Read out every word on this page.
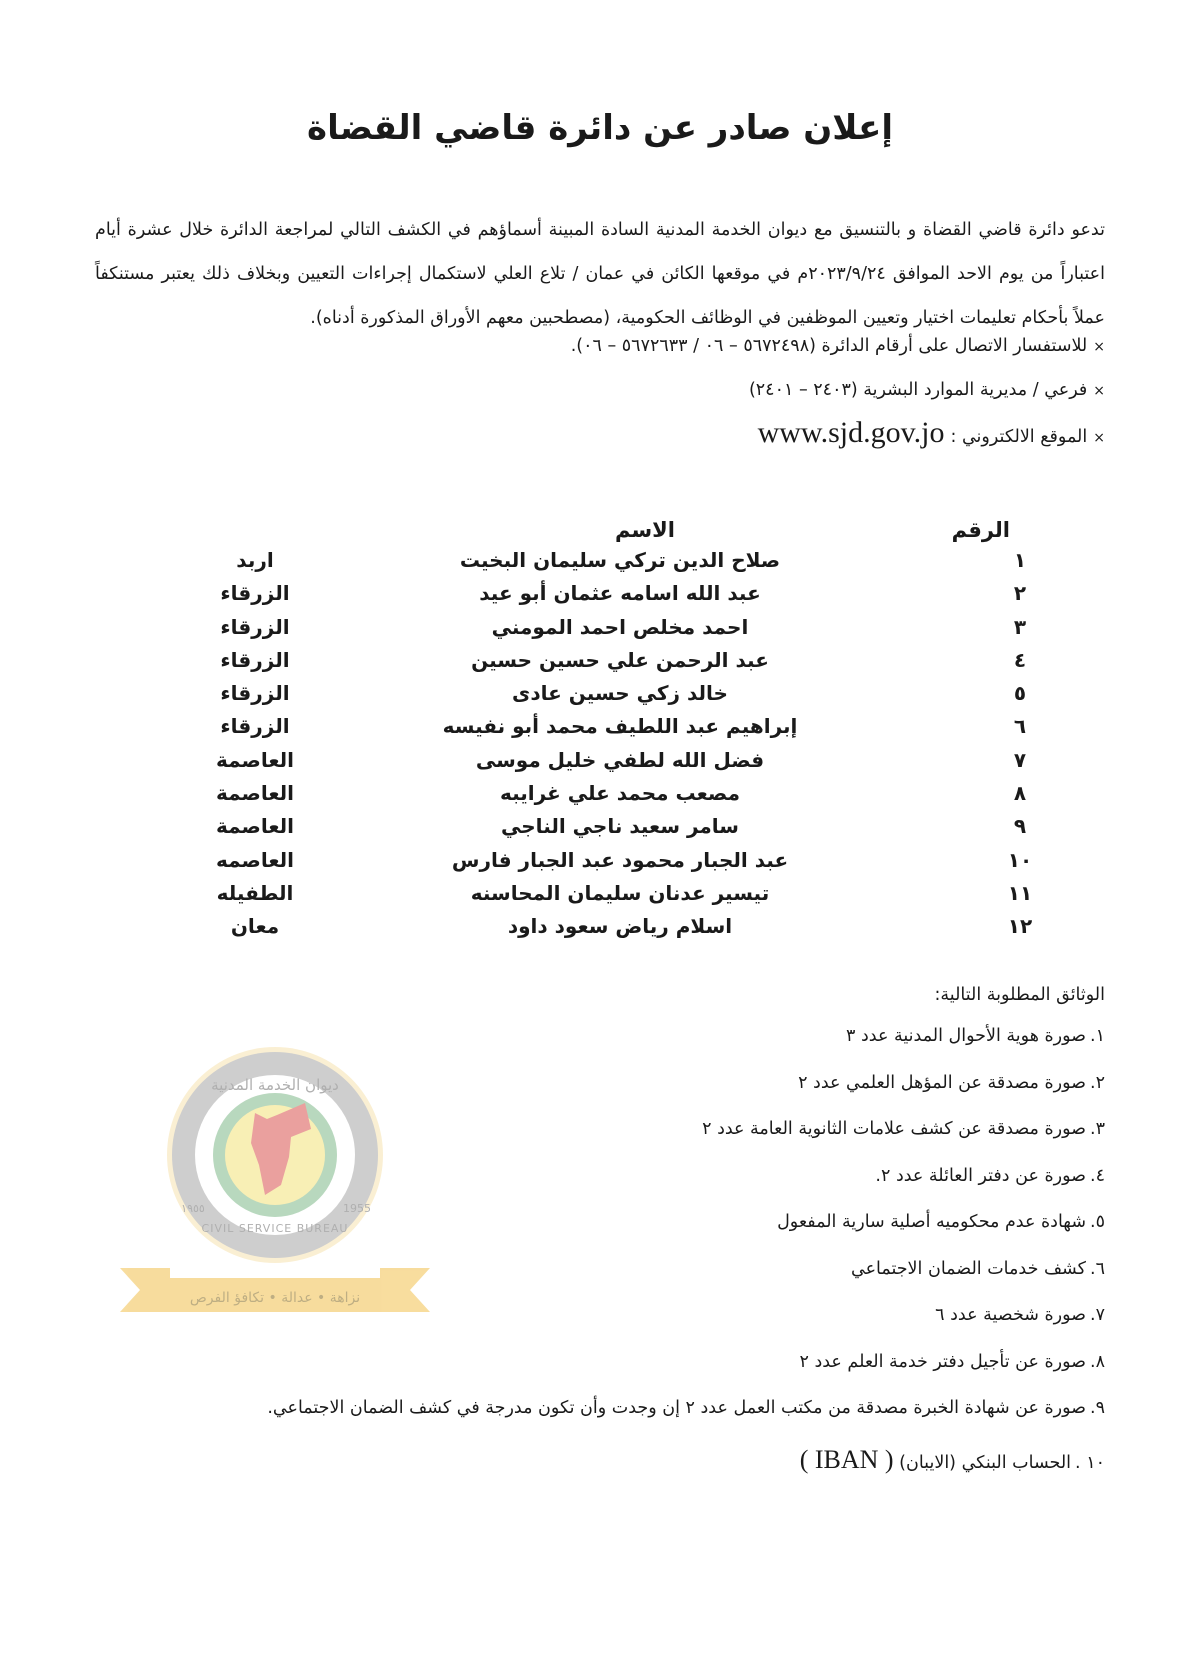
إعلان صادر عن دائرة قاضي القضاة
تدعو دائرة قاضي القضاة و بالتنسيق مع ديوان الخدمة المدنية السادة المبينة أسماؤهم في الكشف التالي لمراجعة الدائرة خلال عشرة أيام اعتباراً من يوم الاحد الموافق ٢٠٢٣/٩/٢٤م في موقعها الكائن في عمان / تلاع العلي لاستكمال إجراءات التعيين وبخلاف ذلك يعتبر مستنكفاً عملاً بأحكام تعليمات اختيار وتعيين الموظفين في الوظائف الحكومية، (مصطحبين معهم الأوراق المذكورة أدناه).
×للاستفسار الاتصال على أرقام الدائرة (٥٦٧٢٤٩٨ – ٠٦ / ٥٦٧٢٦٣٣ – ٠٦).
×فرعي / مديرية الموارد البشرية (٢٤٠٣ – ٢٤٠١)
×الموقع الالكتروني :www.sjd.gov.jo
الرقم
الاسم
١
صلاح الدين تركي سليمان البخيت
اربد
٢
عبد الله اسامه عثمان أبو عيد
الزرقاء
٣
احمد مخلص احمد المومني
الزرقاء
٤
عبد الرحمن علي حسين حسين
الزرقاء
٥
خالد زكي حسين عادى
الزرقاء
٦
إبراهيم عبد اللطيف محمد أبو نفيسه
الزرقاء
٧
فضل الله لطفي خليل موسى
العاصمة
٨
مصعب محمد علي غرايبه
العاصمة
٩
سامر سعيد ناجي الناجي
العاصمة
١٠
عبد الجبار محمود عبد الجبار فارس
العاصمه
١١
تيسير عدنان سليمان المحاسنه
الطفيله
١٢
اسلام رياض سعود داود
معان
الوثائق المطلوبة التالية:
١.صورة هوية الأحوال المدنية عدد ٣
٢.صورة مصدقة عن المؤهل العلمي عدد ٢
٣.صورة مصدقة عن كشف علامات الثانوية العامة عدد ٢
٤.صورة عن دفتر العائلة عدد ٢.
٥.شهادة عدم محكوميه أصلية سارية المفعول
٦.كشف خدمات الضمان الاجتماعي
٧.صورة شخصية عدد ٦
٨.صورة عن تأجيل دفتر خدمة العلم عدد ٢
٩.صورة عن شهادة الخبرة مصدقة من مكتب العمل عدد ٢ إن وجدت وأن تكون مدرجة في كشف الضمان الاجتماعي.
١٠ .الحساب البنكي (الايبان) ( IBAN )
ديوان الخدمة المدنية
CIVIL SERVICE BUREAU
1955
١٩٥٥
نزاهة • عدالة • تكافؤ الفرص
